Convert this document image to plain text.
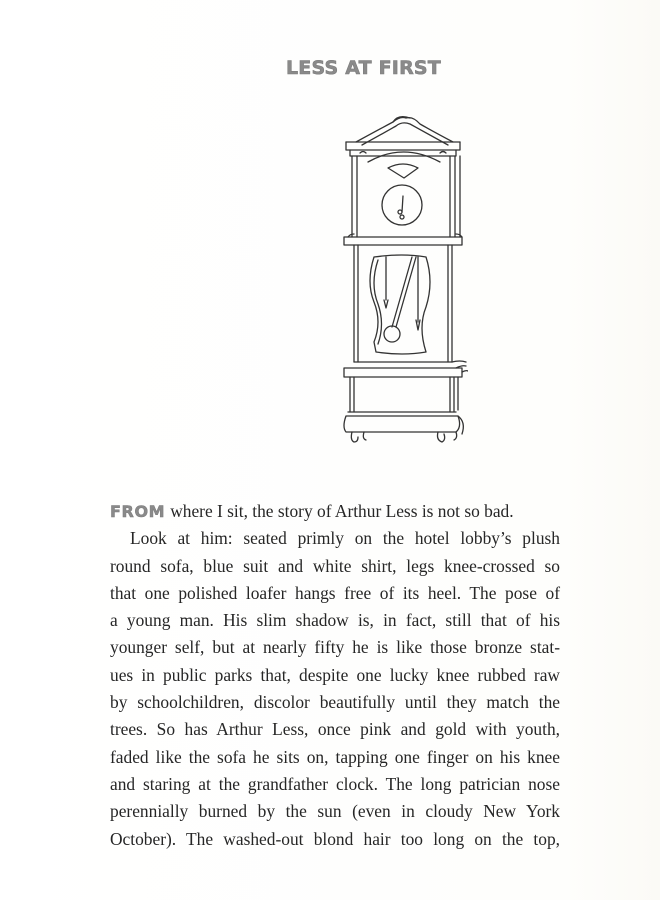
LESS AT FIRST

FROM where I sit, the story of Arthur Less is not so bad.

Look at him: seated primly on the hotel lobby’s plush
round sofa, blue suit and white shirt, legs knee-crossed so
that one polished loafer hangs free of its heel. The pose of
a young man. His slim shadow is, in fact, still that of his
younger self, but at nearly fifty he is like those bronze stat-
ues in public parks that, despite one lucky knee rubbed raw
by schoolchildren, discolor beautifully until they match the
trees. So has Arthur Less, once pink and gold with youth,
faded like the sofa he sits on, tapping one finger on his knee
and staring at the grandfather clock. The long patrician nose
perennially burned by the sun (even in cloudy New York
October). The washed-out blond hair too long on the top,
